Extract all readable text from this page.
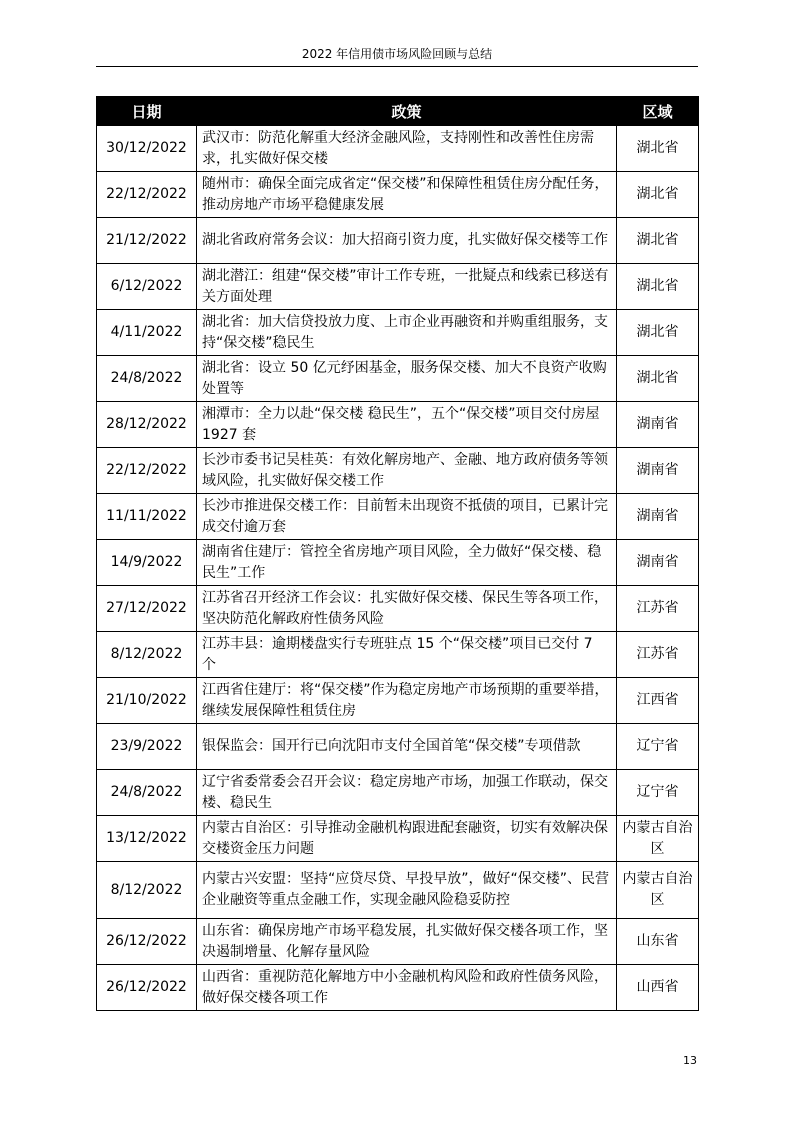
2022 年信用债市场风险回顾与总结
日期	政策	区域
30/12/2022	武汉市：防范化解重大经济金融风险，支持刚性和改善性住房需求，扎实做好保交楼	湖北省
22/12/2022	随州市：确保全面完成省定“保交楼”和保障性租赁住房分配任务，推动房地产市场平稳健康发展	湖北省
21/12/2022	湖北省政府常务会议：加大招商引资力度，扎实做好保交楼等工作	湖北省
6/12/2022	湖北潜江：组建“保交楼”审计工作专班，一批疑点和线索已移送有关方面处理	湖北省
4/11/2022	湖北省：加大信贷投放力度、上市企业再融资和并购重组服务，支持“保交楼”稳民生	湖北省
24/8/2022	湖北省：设立 50 亿元纾困基金，服务保交楼、加大不良资产收购处置等	湖北省
28/12/2022	湘潭市：全力以赴“保交楼 稳民生”，五个“保交楼”项目交付房屋 1927 套	湖南省
22/12/2022	长沙市委书记吴桂英：有效化解房地产、金融、地方政府债务等领域风险，扎实做好保交楼工作	湖南省
11/11/2022	长沙市推进保交楼工作：目前暂未出现资不抵债的项目，已累计完成交付逾万套	湖南省
14/9/2022	湖南省住建厅：管控全省房地产项目风险，全力做好“保交楼、稳民生”工作	湖南省
27/12/2022	江苏省召开经济工作会议：扎实做好保交楼、保民生等各项工作，坚决防范化解政府性债务风险	江苏省
8/12/2022	江苏丰县：逾期楼盘实行专班驻点 15 个“保交楼”项目已交付 7 个	江苏省
21/10/2022	江西省住建厅：将“保交楼”作为稳定房地产市场预期的重要举措，继续发展保障性租赁住房	江西省
23/9/2022	银保监会：国开行已向沈阳市支付全国首笔“保交楼”专项借款	辽宁省
24/8/2022	辽宁省委常委会召开会议：稳定房地产市场，加强工作联动，保交楼、稳民生	辽宁省
13/12/2022	内蒙古自治区：引导推动金融机构跟进配套融资，切实有效解决保交楼资金压力问题	内蒙古自治区
8/12/2022	内蒙古兴安盟：坚持“应贷尽贷、早投早放”，做好“保交楼”、民营企业融资等重点金融工作，实现金融风险稳妥防控	内蒙古自治区
26/12/2022	山东省：确保房地产市场平稳发展，扎实做好保交楼各项工作，坚决遏制增量、化解存量风险	山东省
26/12/2022	山西省：重视防范化解地方中小金融机构风险和政府性债务风险，做好保交楼各项工作	山西省
13
